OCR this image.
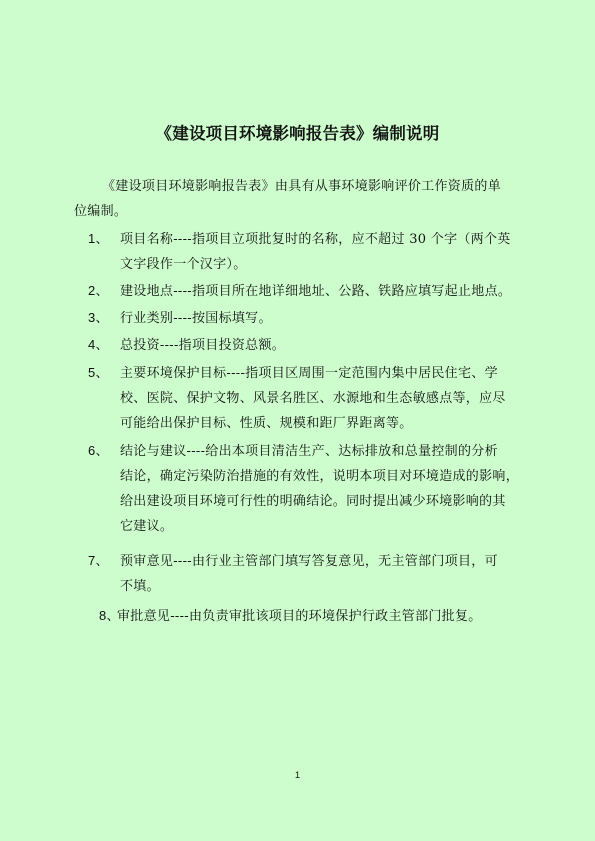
《建设项目环境影响报告表》编制说明
《建设项目环境影响报告表》由具有从事环境影响评价工作资质的单
位编制。
1、 项目名称----指项目立项批复时的名称，应不超过 30 个字（两个英
文字段作一个汉字）。
2、 建设地点----指项目所在地详细地址、公路、铁路应填写起止地点。
3、 行业类别----按国标填写。
4、 总投资----指项目投资总额。
5、 主要环境保护目标----指项目区周围一定范围内集中居民住宅、学
校、医院、保护文物、风景名胜区、水源地和生态敏感点等，应尽
可能给出保护目标、性质、规模和距厂界距离等。
6、 结论与建议----给出本项目清洁生产、达标排放和总量控制的分析
结论，确定污染防治措施的有效性，说明本项目对环境造成的影响，
给出建设项目环境可行性的明确结论。同时提出减少环境影响的其
它建议。
7、 预审意见----由行业主管部门填写答复意见，无主管部门项目，可
不填。
8、审批意见----由负责审批该项目的环境保护行政主管部门批复。
1
